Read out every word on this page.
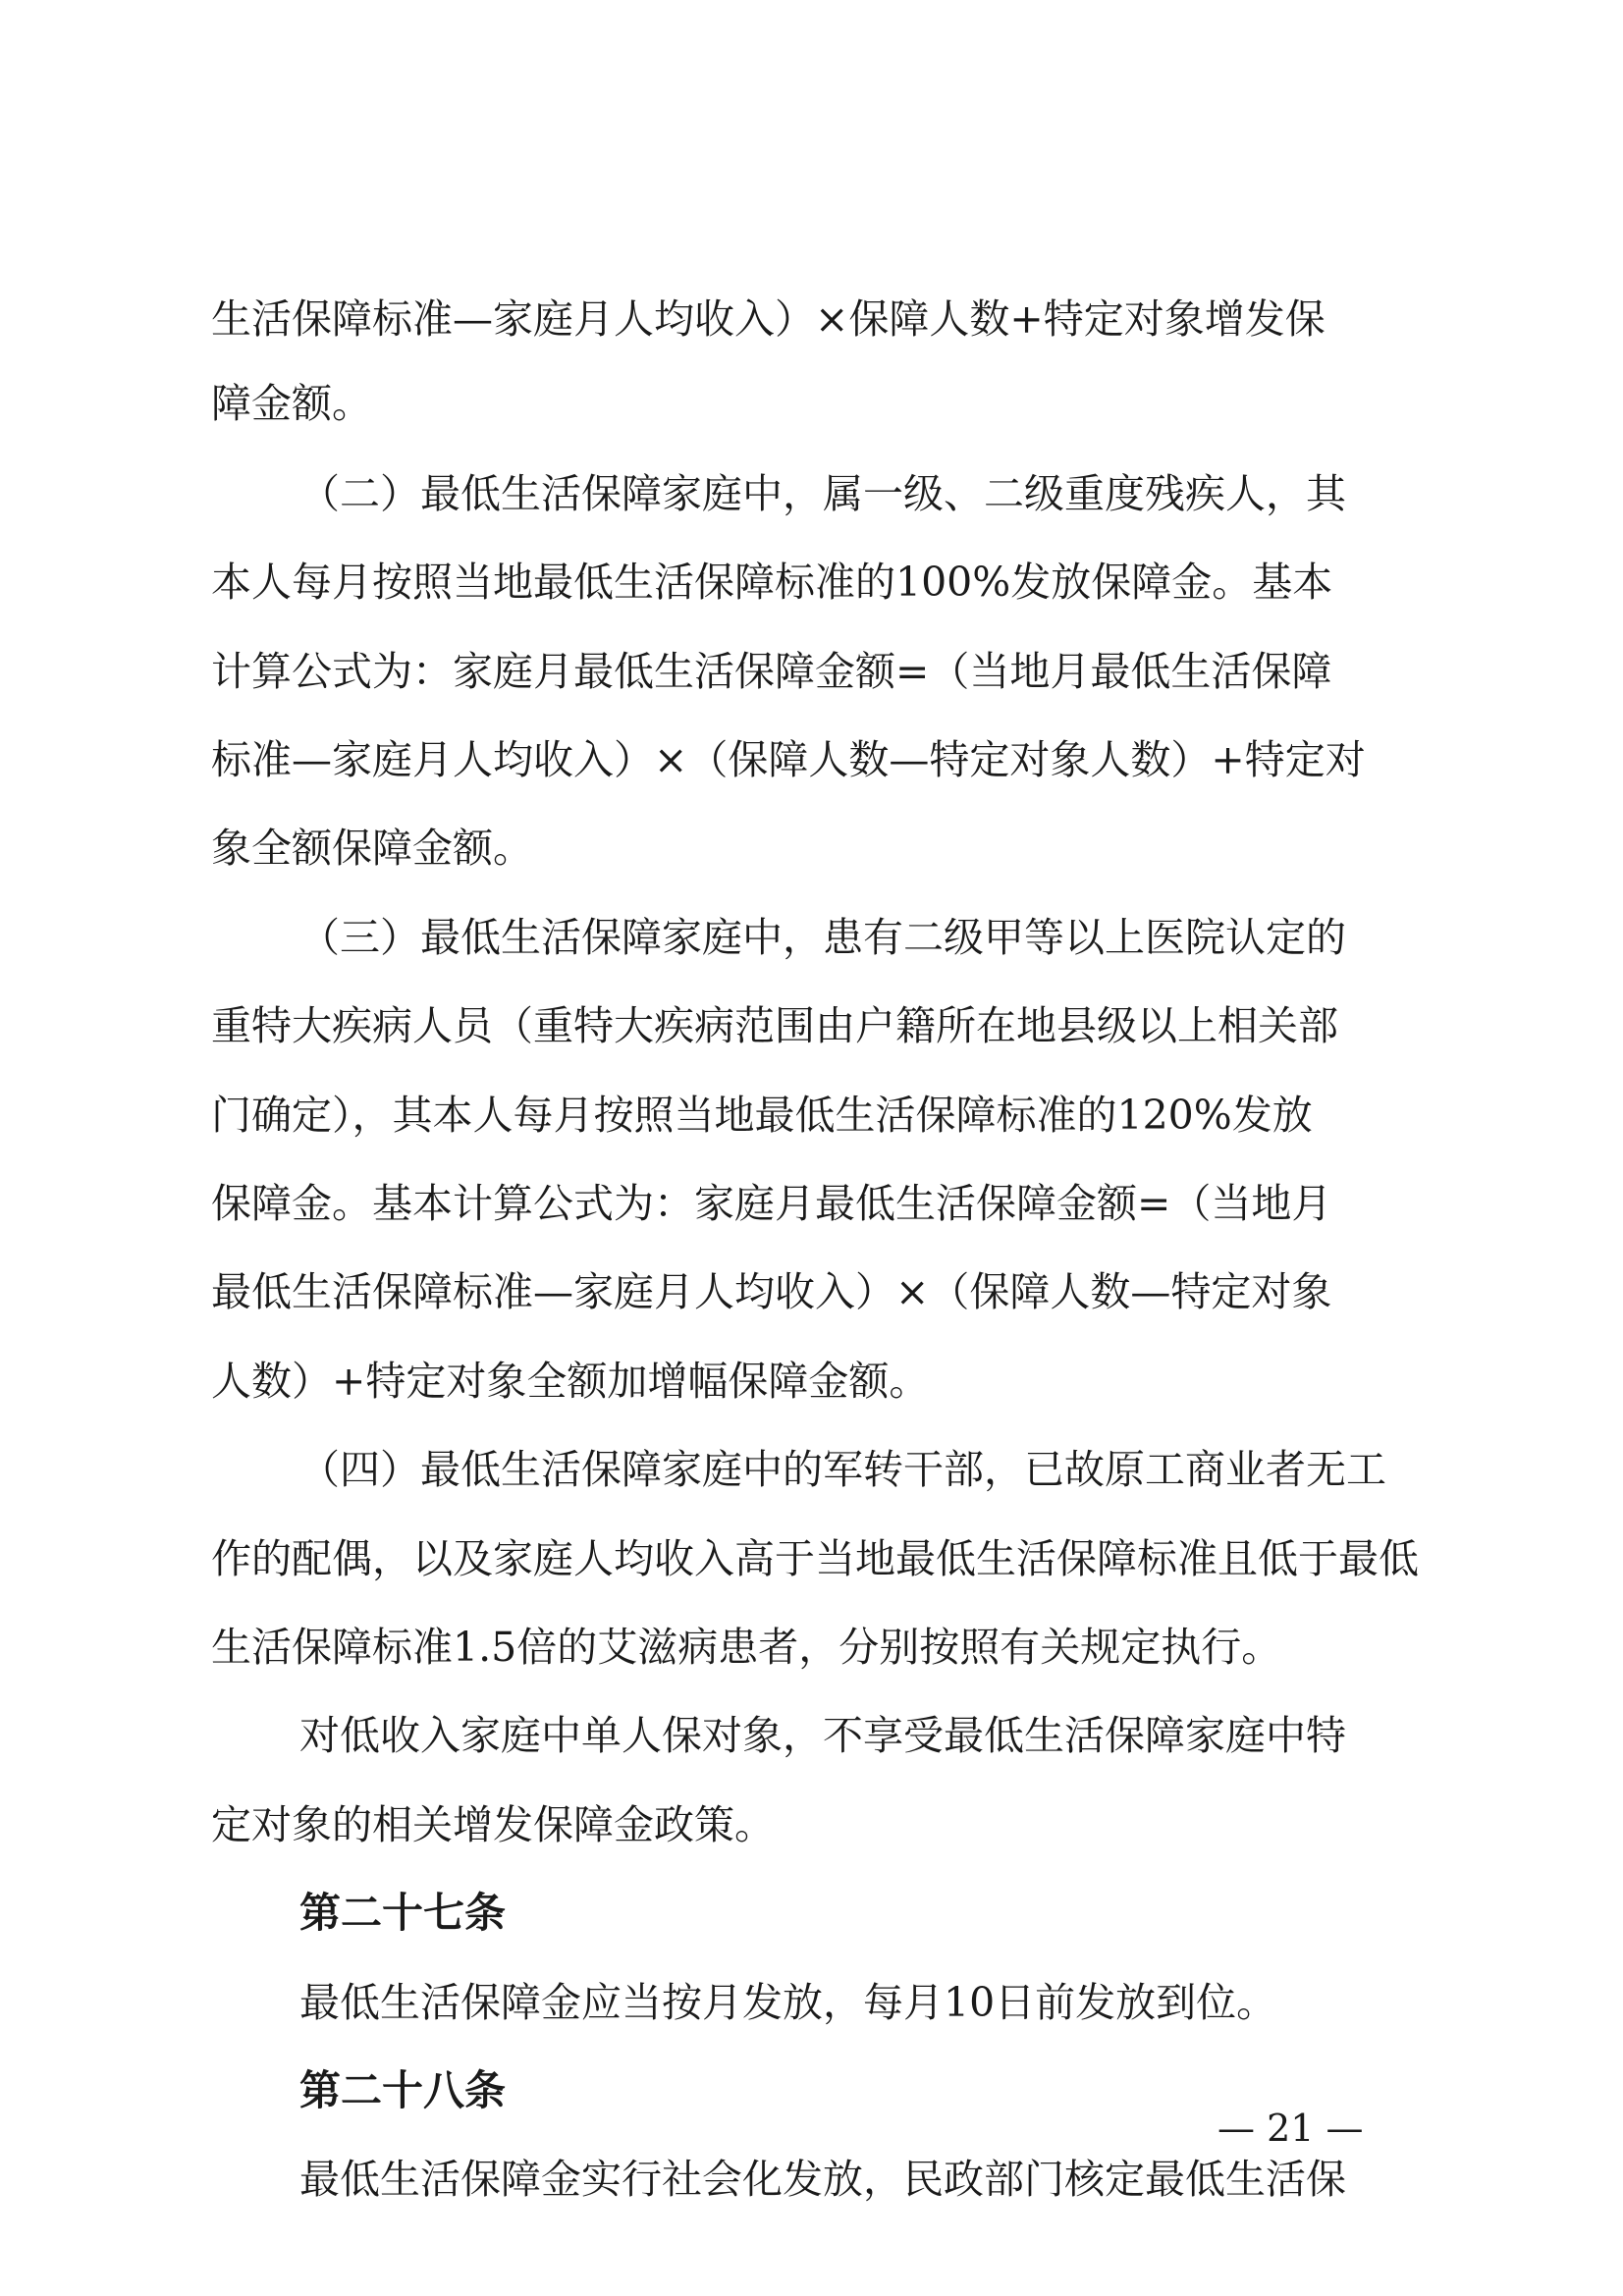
生活保障标准—家庭月人均收入）×保障人数+特定对象增发保
障金额。
（二）最低生活保障家庭中，属一级、二级重度残疾人，其
本人每月按照当地最低生活保障标准的100%发放保障金。基本
计算公式为：家庭月最低生活保障金额=（当地月最低生活保障
标准—家庭月人均收入）×（保障人数—特定对象人数）+特定对
象全额保障金额。
（三）最低生活保障家庭中，患有二级甲等以上医院认定的
重特大疾病人员（重特大疾病范围由户籍所在地县级以上相关部
门确定），其本人每月按照当地最低生活保障标准的120%发放
保障金。基本计算公式为：家庭月最低生活保障金额=（当地月
最低生活保障标准—家庭月人均收入）×（保障人数—特定对象
人数）+特定对象全额加增幅保障金额。
（四）最低生活保障家庭中的军转干部，已故原工商业者无工
作的配偶，以及家庭人均收入高于当地最低生活保障标准且低于最低
生活保障标准1.5倍的艾滋病患者，分别按照有关规定执行。
对低收入家庭中单人保对象，不享受最低生活保障家庭中特
定对象的相关增发保障金政策。
第二十七条
最低生活保障金应当按月发放，每月10日前发放到位。
第二十八条
最低生活保障金实行社会化发放，民政部门核定最低生活保
— 21 —
